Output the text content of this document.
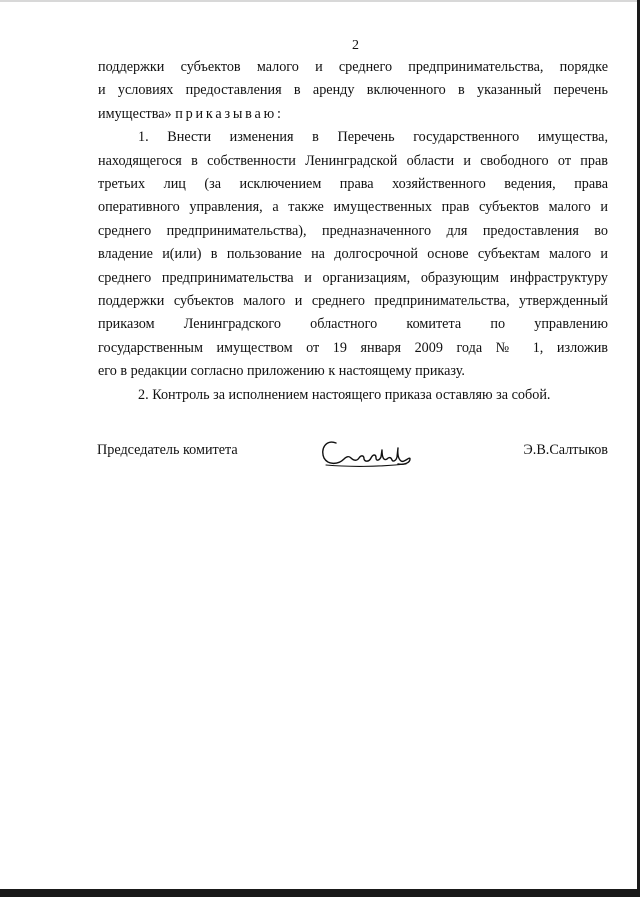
2
поддержки субъектов малого и среднего предпринимательства, порядке
и условиях предоставления в аренду включенного в указанный перечень
имущества» приказываю:
1. Внести изменения в Перечень государственного имущества,
находящегося в собственности Ленинградской области и свободного от прав
третьих лиц (за исключением права хозяйственного ведения, права
оперативного управления, а также имущественных прав субъектов малого и
среднего предпринимательства), предназначенного для предоставления во
владение и(или) в пользование на долгосрочной основе субъектам малого и
среднего предпринимательства и организациям, образующим инфраструктуру
поддержки субъектов малого и среднего предпринимательства, утвержденный
приказом Ленинградского областного комитета по управлению
государственным имуществом от 19 января 2009 года № 1, изложив
его в редакции согласно приложению к настоящему приказу.
2. Контроль за исполнением настоящего приказа оставляю за собой.
Председатель комитета	Э.В.Салтыков
